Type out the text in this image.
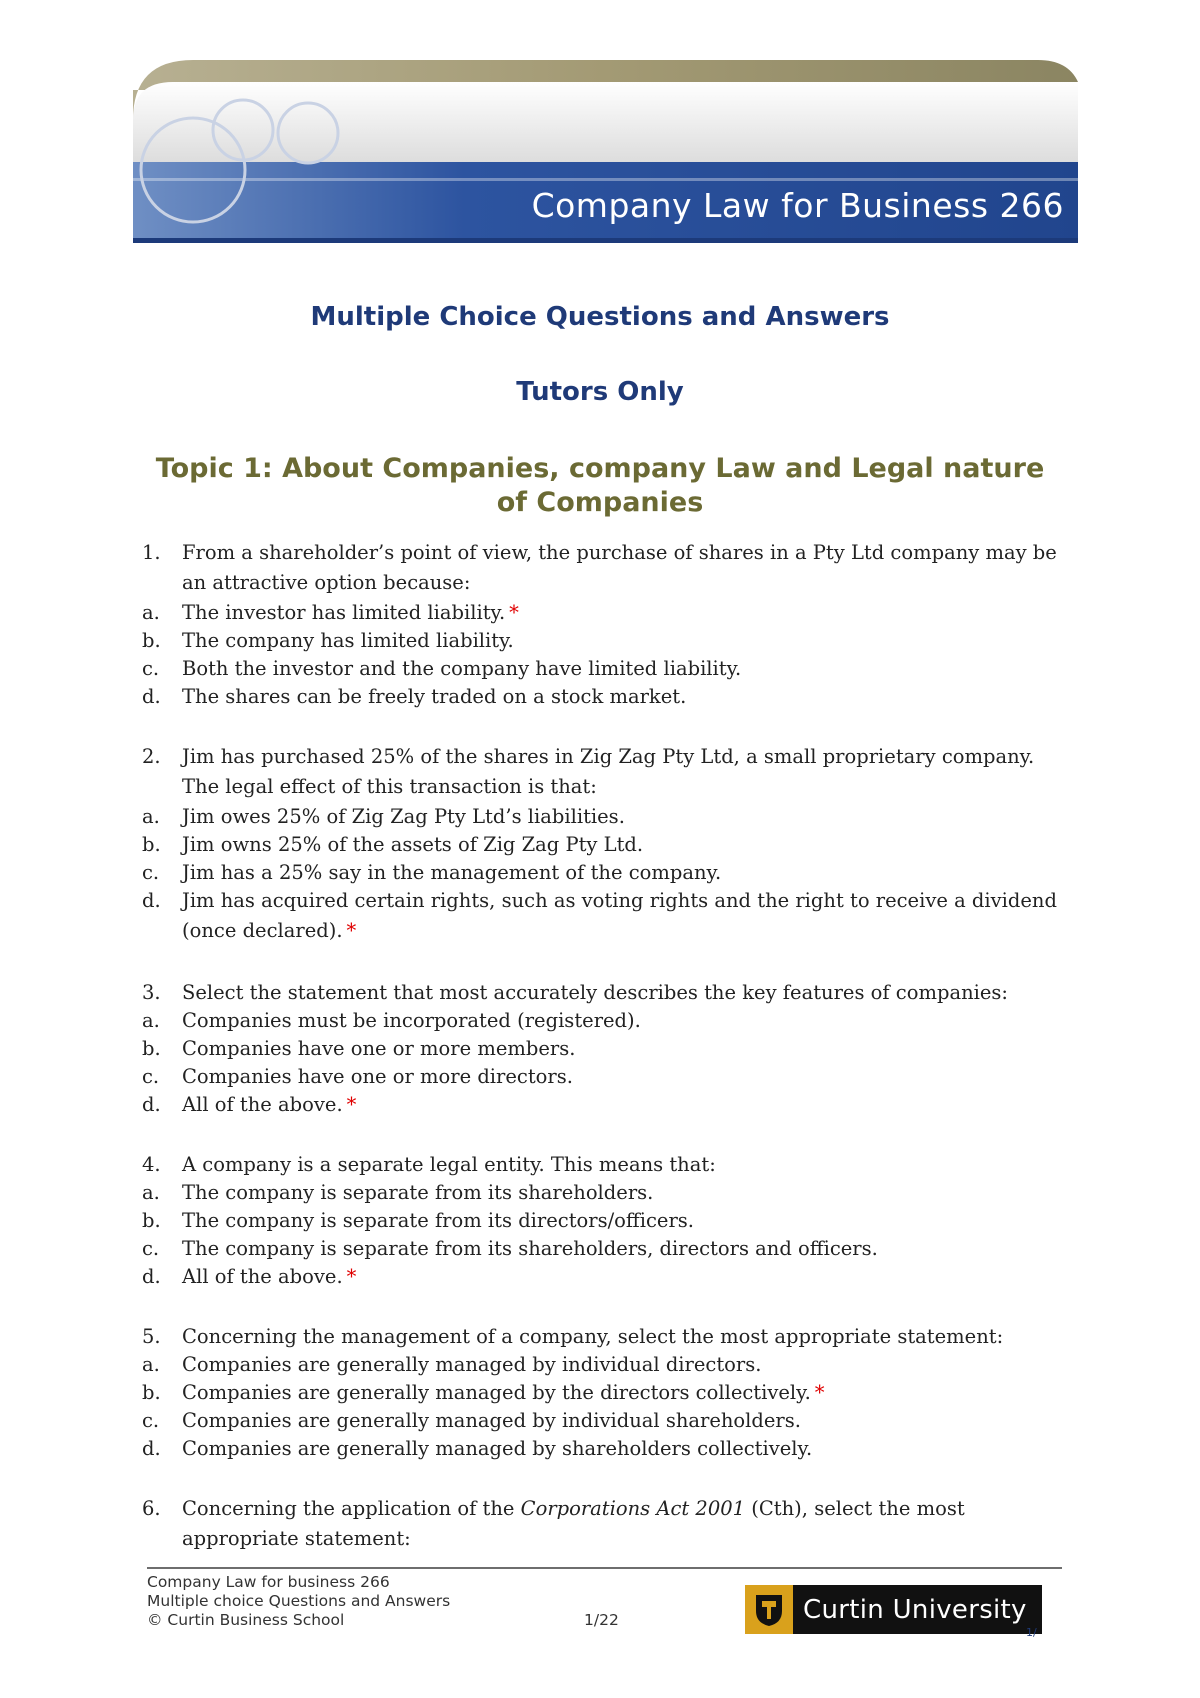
Company Law for Business 266
Multiple Choice Questions and Answers
Tutors Only
Topic 1: About Companies, company Law and Legal nature of Companies
1.	From a shareholder’s point of view, the purchase of shares in a Pty Ltd company may be
an attractive option because:
a.	The investor has limited liability. *
b.	The company has limited liability.
c.	Both the investor and the company have limited liability.
d.	The shares can be freely traded on a stock market.
2.	Jim has purchased 25% of the shares in Zig Zag Pty Ltd, a small proprietary company.
The legal effect of this transaction is that:
a.	Jim owes 25% of Zig Zag Pty Ltd’s liabilities.
b.	Jim owns 25% of the assets of Zig Zag Pty Ltd.
c.	Jim has a 25% say in the management of the company.
d.	Jim has acquired certain rights, such as voting rights and the right to receive a dividend
(once declared). *
3.	Select the statement that most accurately describes the key features of companies:
a.	Companies must be incorporated (registered).
b.	Companies have one or more members.
c.	Companies have one or more directors.
d.	All of the above. *
4.	A company is a separate legal entity. This means that:
a.	The company is separate from its shareholders.
b.	The company is separate from its directors/officers.
c.	The company is separate from its shareholders, directors and officers.
d.	All of the above. *
5.	Concerning the management of a company, select the most appropriate statement:
a.	Companies are generally managed by individual directors.
b.	Companies are generally managed by the directors collectively. *
c.	Companies are generally managed by individual shareholders.
d.	Companies are generally managed by shareholders collectively.
6.	Concerning the application of the Corporations Act 2001 (Cth), select the most
appropriate statement:
Company Law for business 266
Multiple choice Questions and Answers
© Curtin Business School	1/22	Curtin University
1/
